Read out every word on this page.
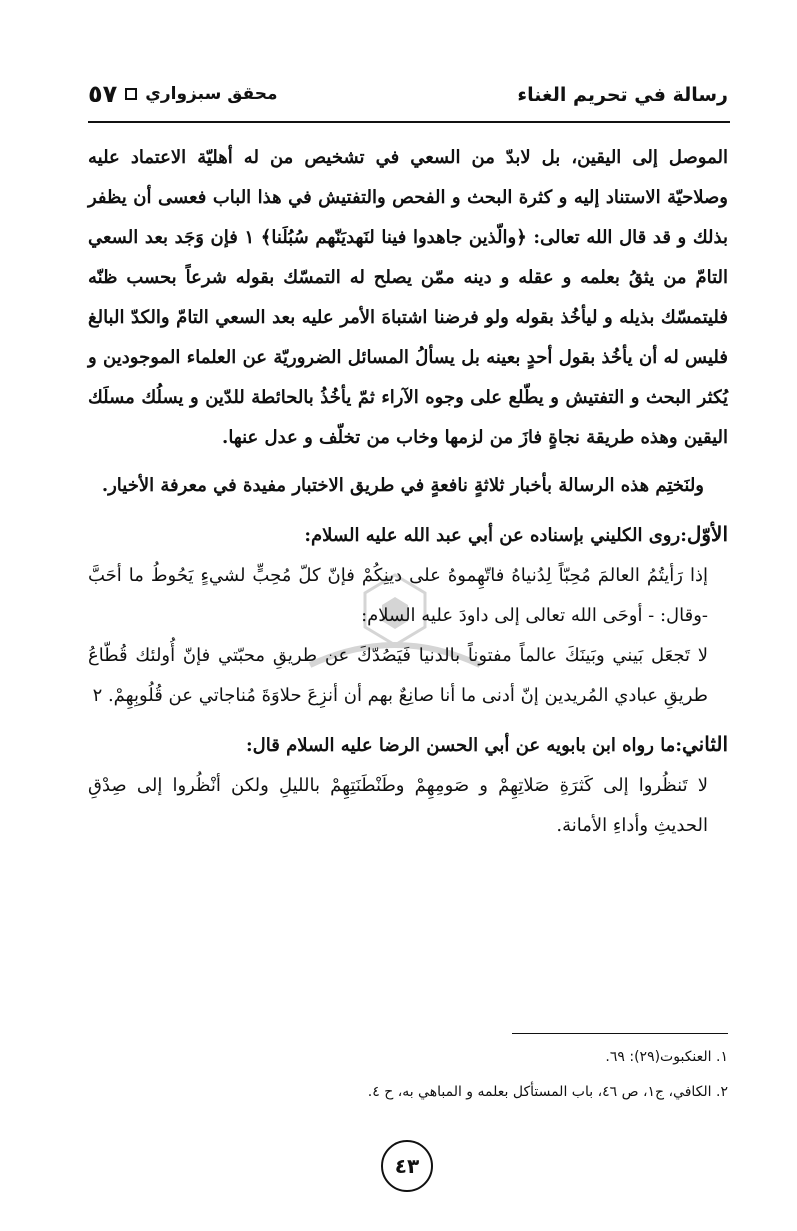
رسالة في تحريم الغناء
٥٧ محقق سبزواري

الموصل إلى اليقين، بل لابدّ من السعي في تشخيص من له أهليّة الاعتماد عليه وصلاحيّة الاستناد إليه و كثرة البحث و الفحص والتفتيش في هذا الباب فعسى أن يظفر بذلك و قد قال الله تعالى: ﴿والّذين جاهدوا فينا لنَهديَنّهم سُبُلَنا﴾ ١ فإن وَجَد بعد السعي التامّ من يثقُ بعلمه و عقله و دينه ممّن يصلح له التمسّك بقوله شرعاً بحسب ظنّه فليتمسّك بذيله و ليأخُذ بقوله ولو فرضنا اشتباهَ الأمر عليه بعد السعي التامّ والكدّ البالغ فليس له أن يأخُذ بقول أحدٍ بعينه بل يسألُ المسائل الضروريّة عن العلماء الموجودين و يُكثر البحث و التفتيش و يطّلع على وجوه الآراء ثمّ يأخُذُ بالحائطة للدّين و يسلُك مسلَك اليقين وهذه طريقة نجاةٍ فازَ من لزمها وخاب من تخلّف و عدل عنها.

ولنَختِم هذه الرسالة بأخبار ثلاثةٍ نافعةٍ في طريق الاختبار مفيدة في معرفة الأخيار.

الأوّل:روى الكليني بإسناده عن أبي عبد الله عليه السلام:

إذا رَأيتُمُ العالمَ مُحِبّاً لِدُنياهُ فاتّهِموهُ على دينِكُمْ فإنّ كلّ مُحِبٍّ لشيءٍ يَحُوطُ ما أحَبَّ -وقال: - أوحَى الله تعالى إلى داودَ عليه السلام:

لا تَجعَل بَيني وبَينَكَ عالماً مفتوناً بالدنيا فَيَصُدّكَ عن طريقِ محبّتي فإنّ أُولئك قُطّاعُ طريقِ عبادي المُريدين إنّ أدنى ما أنا صانِعٌ بهم أن أنزِعَ حلاوَةَ مُناجاتي عن قُلُوبِهِمْ. ٢

الثاني:ما رواه ابن بابويه عن أبي الحسن الرضا عليه السلام قال:

لا تَنظُروا إلى كَثرَةِ صَلاتِهِمْ و صَومِهِمْ وطَنْطَنَتِهِمْ بالليلِ ولكن أنْظُروا إلى صِدْقِ الحديثِ وأداءِ الأمانة.

١. العنكبوت(٢٩): ٦٩.

٢. الكافي، ج١، ص ٤٦، باب المستأكل بعلمه و المباهي به، ح ٤.

٤٣
